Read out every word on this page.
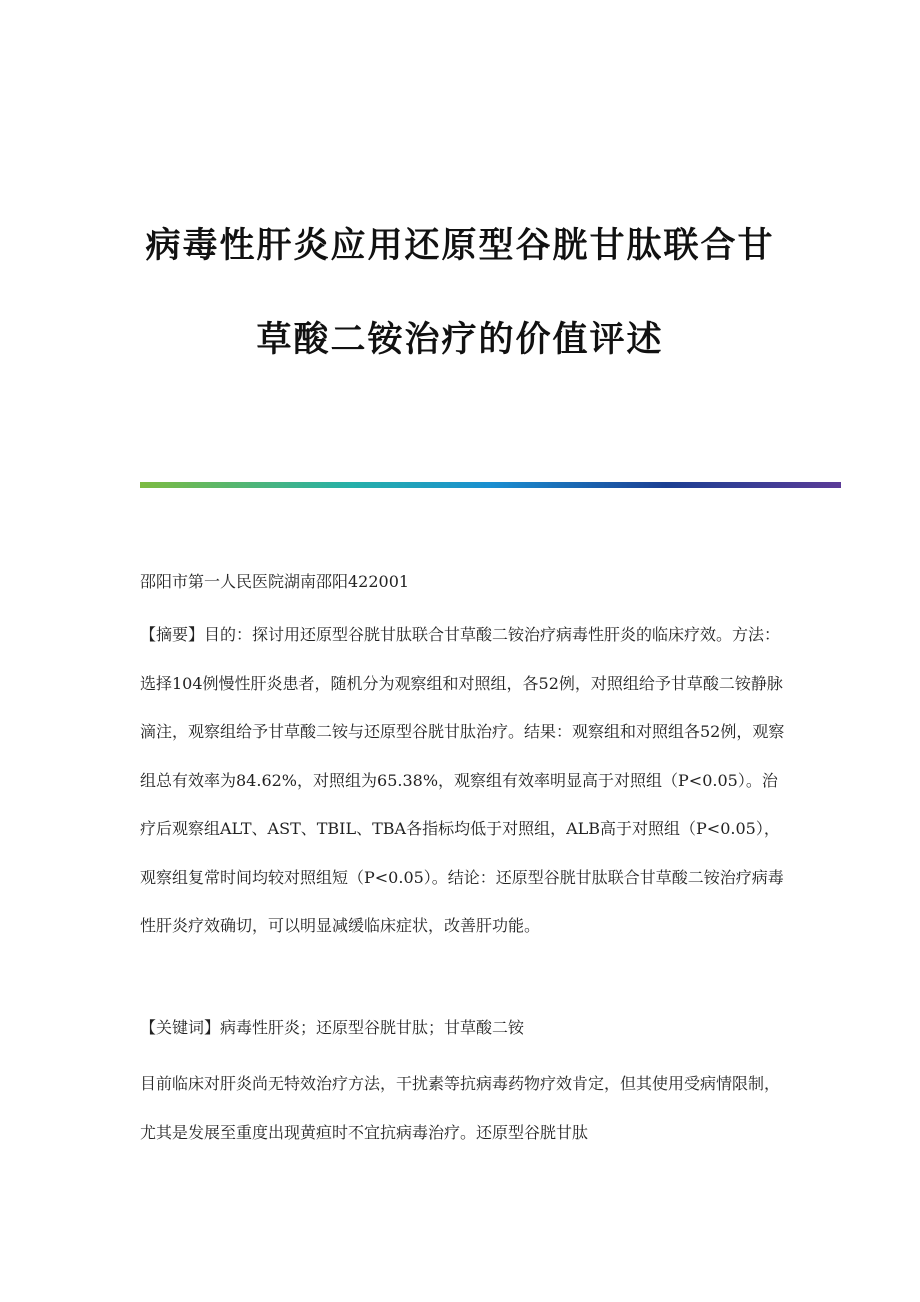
病毒性肝炎应用还原型谷胱甘肽联合甘
草酸二铵治疗的价值评述

邵阳市第一人民医院湖南邵阳422001

【摘要】目的：探讨用还原型谷胱甘肽联合甘草酸二铵治疗病毒性肝炎的临床疗效。方法：选择104例慢性肝炎患者，随机分为观察组和对照组，各52例，对照组给予甘草酸二铵静脉滴注，观察组给予甘草酸二铵与还原型谷胱甘肽治疗。结果：观察组和对照组各52例，观察组总有效率为84.62%，对照组为65.38%，观察组有效率明显高于对照组（P<0.05）。治疗后观察组ALT、AST、TBIL、TBA各指标均低于对照组，ALB高于对照组（P<0.05），观察组复常时间均较对照组短（P<0.05）。结论：还原型谷胱甘肽联合甘草酸二铵治疗病毒性肝炎疗效确切，可以明显减缓临床症状，改善肝功能。

【关键词】病毒性肝炎；还原型谷胱甘肽；甘草酸二铵

目前临床对肝炎尚无特效治疗方法，干扰素等抗病毒药物疗效肯定，但其使用受病情限制，尤其是发展至重度出现黄疸时不宜抗病毒治疗。还原型谷胱甘肽
